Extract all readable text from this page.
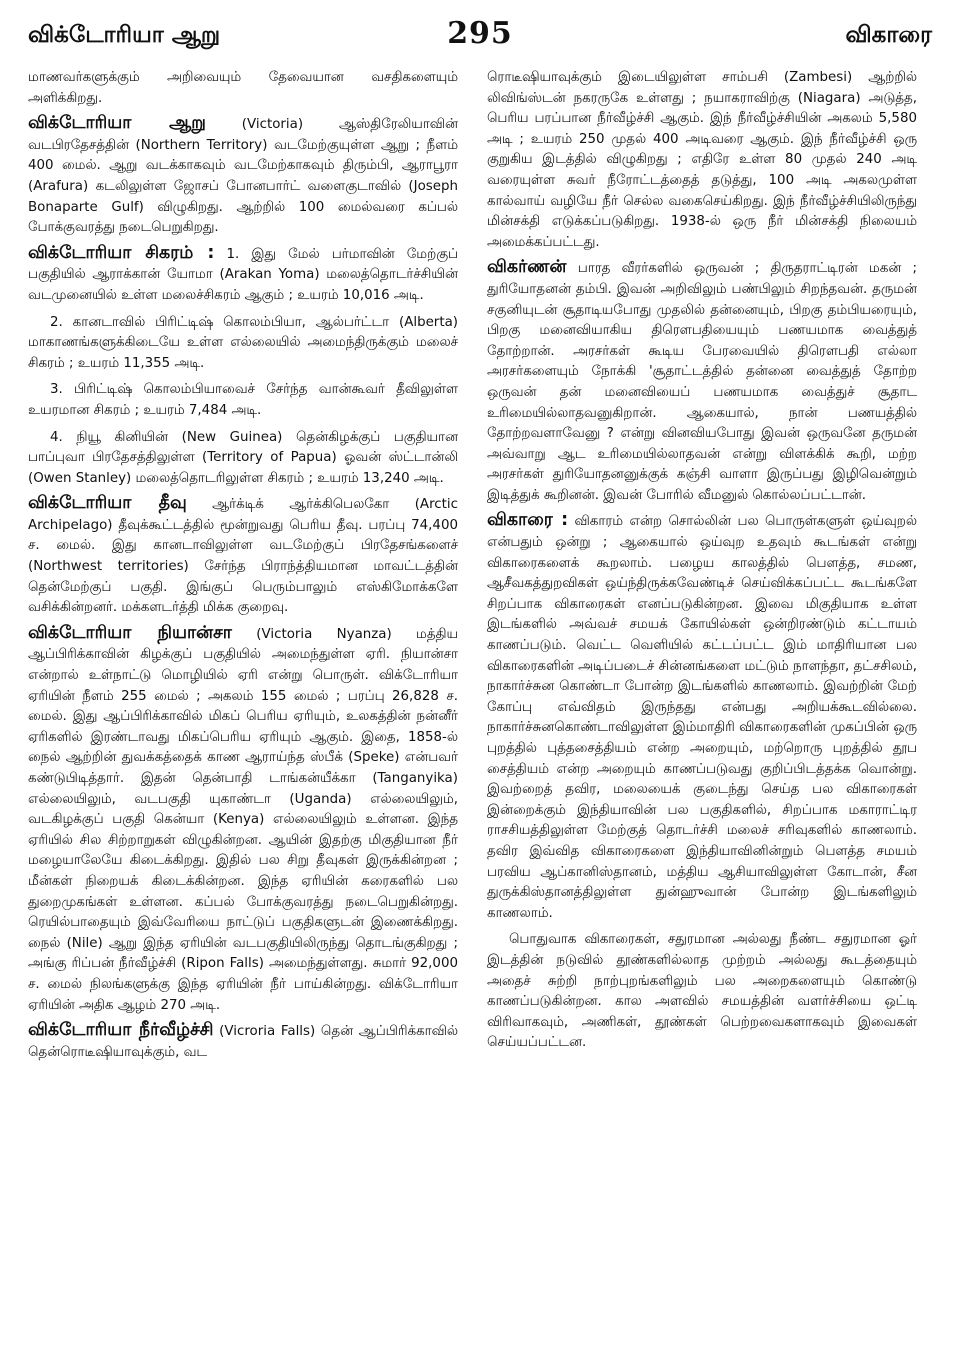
விக்டோரியா ஆறு	295	விகாரை

மாணவர்களுக்கும் அறிவையும் தேவையான வசதிகளையும் அளிக்கிறது.

விக்டோரியா ஆறு (Victoria) ஆஸ்திரேலியாவின் வடபிரதேசத்தின் (Northern Territory) வடமேற்குயுள்ள ஆறு ; நீளம் 400 மைல். ஆறு வடக்காகவும் வடமேற்காகவும் திரும்பி, ஆராபூரா (Arafura) கடலிலுள்ள ஜோசப் போனபார்ட் வளைகுடாவில் (Joseph Bonaparte Gulf) விழுகிறது. ஆற்றில் 100 மைல்வரை கப்பல் போக்குவரத்து நடைபெறுகிறது.

விக்டோரியா சிகரம் : 1. இது மேல் பர்மாவின் மேற்குப் பகுதியில் ஆராக்கான் யோமா (Arakan Yoma) மலைத்தொடர்ச்சியின் வடமுனையில் உள்ள மலைச்சிகரம் ஆகும் ; உயரம் 10,016 அடி.

2. கானடாவில் பிரிட்டிஷ் கொலம்பியா, ஆல்பர்ட்டா (Alberta) மாகாணங்களுக்கிடையே உள்ள எல்லையில் அமைந்திருக்கும் மலைச் சிகரம் ; உயரம் 11,355 அடி.

3. பிரிட்டிஷ் கொலம்பியாவைச் சேர்ந்த வான்கூவர் தீவிலுள்ள உயரமான சிகரம் ; உயரம் 7,484 அடி.

4. நியூ கினியின் (New Guinea) தென்கிழக்குப் பகுதியான பாப்புவா பிரதேசத்திலுள்ள (Territory of Papua) ஓவன் ஸ்ட்டான்லி (Owen Stanley) மலைத்தொடரிலுள்ள சிகரம் ; உயரம் 13,240 அடி.

விக்டோரியா தீவு ஆர்க்டிக் ஆர்க்கிபெலகோ (Arctic Archipelago) தீவுக்கூட்டத்தில் மூன்றுவது பெரிய தீவு. பரப்பு 74,400 ச. மைல். இது கானடாவிலுள்ள வடமேற்குப் பிரதேசங்களைச் (Northwest territories) சேர்ந்த பிராந்த்தியமான மாவட்டத்தின் தென்மேற்குப் பகுதி. இங்குப் பெரும்பாலும் எஸ்கிமோக்களே வசிக்கின்றனர். மக்களடர்த்தி மிக்க குறைவு.

விக்டோரியா நியான்சா (Victoria Nyanza) மத்திய ஆப்பிரிக்காவின் கிழக்குப் பகுதியில் அமைந்துள்ள ஏரி. நியான்சா என்றால் உள்நாட்டு மொழியில் ஏரி என்று பொருள். விக்டோரியா ஏரியின் நீளம் 255 மைல் ; அகலம் 155 மைல் ; பரப்பு 26,828 ச. மைல். இது ஆப்பிரிக்காவில் மிகப் பெரிய ஏரியும், உலகத்தின் நன்னீர் ஏரிகளில் இரண்டாவது மிகப்பெரிய ஏரியும் ஆகும். இதை, 1858-ல் நைல் ஆற்றின் துவக்கத்தைக் காண ஆராய்ந்த ஸ்பீக் (Speke) என்பவர் கண்டுபிடித்தார். இதன் தென்பாதி டாங்கன்யீக்கா (Tanganyika) எல்லையிலும், வடபகுதி யுகாண்டா (Uganda) எல்லையிலும், வடகிழக்குப் பகுதி கென்யா (Kenya) எல்லையிலும் உள்ளன. இந்த ஏரியில் சில சிற்றாறுகள் விழுகின்றன. ஆயின் இதற்கு மிகுதியான நீர் மழையாலேயே கிடைக்கிறது. இதில் பல சிறு தீவுகள் இருக்கின்றன ; மீன்கள் நிறையக் கிடைக்கின்றன. இந்த ஏரியின் கரைகளில் பல துறைமுகங்கள் உள்ளன. கப்பல் போக்குவரத்து நடைபெறுகின்றது. ரெயில்பாதையும் இவ்வேரியை நாட்டுப் பகுதிகளுடன் இணைக்கிறது. நைல் (Nile) ஆறு இந்த ஏரியின் வடபகுதியிலிருந்து தொடங்குகிறது ; அங்கு ரிப்பன் நீர்வீழ்ச்சி (Ripon Falls) அமைந்துள்ளது. சுமார் 92,000 ச. மைல் நிலங்களுக்கு இந்த ஏரியின் நீர் பாய்கின்றது. விக்டோரியா ஏரியின் அதிக ஆழம் 270 அடி.

விக்டோரியா நீர்வீழ்ச்சி (Vicroria Falls) தென் ஆப்பிரிக்காவில் தென்ரொடீஷியாவுக்கும், வட

ரொடீஷியாவுக்கும் இடையிலுள்ள சாம்பசி (Zambesi) ஆற்றில் லிவிங்ஸ்டன் நகரருகே உள்ளது ; நயாகராவிற்கு (Niagara) அடுத்த, பெரிய பரப்பான நீர்வீழ்ச்சி ஆகும். இந் நீர்வீழ்ச்சியின் அகலம் 5,580 அடி ; உயரம் 250 முதல் 400 அடிவரை ஆகும். இந் நீர்வீழ்ச்சி ஒரு குறுகிய இடத்தில் விழுகிறது ; எதிரே உள்ள 80 முதல் 240 அடி வரையுள்ள சுவர் நீரோட்டத்தைத் தடுத்து, 100 அடி அகலமுள்ள கால்வாய் வழியே நீர் செல்ல வகைசெய்கிறது. இந் நீர்வீழ்ச்சியிலிருந்து மின்சக்தி எடுக்கப்படுகிறது. 1938-ல் ஒரு நீர் மின்சக்தி நிலையம் அமைக்கப்பட்டது.

விகர்ணன் பாரத வீரர்களில் ஒருவன் ; திருதராட்டிரன் மகன் ; துரியோதனன் தம்பி. இவன் அறிவிலும் பண்பிலும் சிறந்தவன். தருமன் சகுனியுடன் சூதாடியபோது முதலில் தன்னையும், பிறகு தம்பியரையும், பிறகு மனைவியாகிய திரௌபதியையும் பணயமாக வைத்துத் தோற்றான். அரசர்கள் கூடிய பேரவையில் திரௌபதி எல்லா அரசர்களையும் நோக்கி 'சூதாட்டத்தில் தன்னை வைத்துத் தோற்ற ஒருவன் தன் மனைவியைப் பணயமாக வைத்துச் சூதாட உரிமையில்லாதவனுகிறான். ஆகையால், நான் பணயத்தில் தோற்றவளாவேனு ? என்று வினவியபோது இவன் ஒருவனே தருமன் அவ்வாறு ஆட உரிமையில்லாதவன் என்று விளக்கிக் கூறி, மற்ற அரசர்கள் துரியோதனனுக்குக் கஞ்சி வாளா இருப்பது இழிவென்றும் இடித்துக் கூறினன். இவன் போரில் வீமனுல் கொல்லப்பட்டான்.

விகாரை : விகாரம் என்ற சொல்லின் பல பொருள்களுள் ஒய்வுறல் என்பதும் ஒன்று ; ஆகையால் ஒய்வுற உதவும் கூடங்கள் என்று விகாரைகளைக் கூறலாம். பழைய காலத்தில் பௌத்த, சமண, ஆசீவகத்துறவிகள் ஒய்ந்திருக்கவேண்டிச் செய்விக்கப்பட்ட கூடங்களே சிறப்பாக விகாரைகள் எனப்படுகின்றன. இவை மிகுதியாக உள்ள இடங்களில் அவ்வச் சமயக் கோயில்கள் ஒன்றிரண்டும் கட்டாயம் காணப்படும். வெட்ட வெளியில் கட்டப்பட்ட இம் மாதிரியான பல விகாரைகளின் அடிப்படைச் சின்னங்களை மட்டும் நாளந்தா, தட்சசிலம், நாகார்ச்சுன கொண்டா போன்ற இடங்களில் காணலாம். இவற்றின் மேற் கோப்பு எவ்விதம் இருந்தது என்பது அறியக்கூடவில்லை. நாகார்ச்சுனகொண்டாவிலுள்ள இம்மாதிரி விகாரைகளின் முகப்பின் ஒரு புறத்தில் புத்தசைத்தியம் என்ற அறையும், மற்றொரு புறத்தில் தூப சைத்தியம் என்ற அறையும் காணப்படுவது குறிப்பிடத்தக்க வொன்று. இவற்றைத் தவிர, மலையைக் குடைந்து செய்த பல விகாரைகள் இன்றைக்கும் இந்தியாவின் பல பகுதிகளில், சிறப்பாக மகாராட்டிர ராசசியத்திலுள்ள மேற்குத் தொடர்ச்சி மலைச் சரிவுகளில் காணலாம். தவிர இவ்வித விகாரைகளை இந்தியாவினின்றும் பௌத்த சமயம் பரவிய ஆப்கானிஸ்தானம், மத்திய ஆசியாவிலுள்ள கோடான், சீன துருக்கிஸ்தானத்திலுள்ள துன்ஹுவான் போன்ற இடங்களிலும் காணலாம்.

பொதுவாக விகாரைகள், சதுரமான அல்லது நீண்ட சதுரமான ஓர் இடத்தின் நடுவில் தூண்களில்லாத முற்றம் அல்லது கூடத்தையும் அதைச் சுற்றி நாற்புறங்களிலும் பல அறைகளையும் கொண்டு காணப்படுகின்றன. கால அளவில் சமயத்தின் வளர்ச்சியை ஒட்டி விரிவாகவும், அணிகள், தூண்கள் பெற்றவைகளாகவும் இவைகள் செய்யப்பட்டன.
